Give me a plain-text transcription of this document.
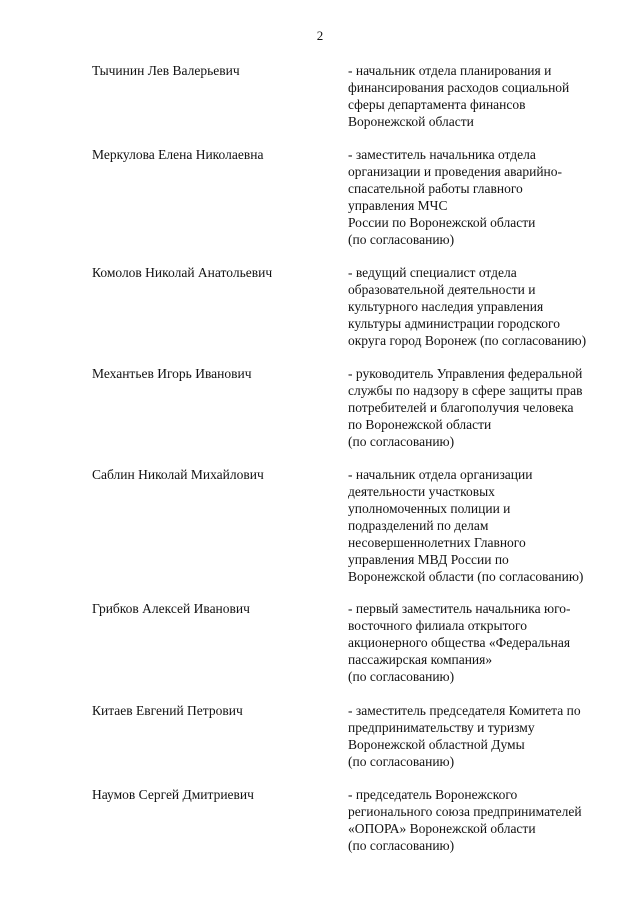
2
Тычинин Лев Валерьевич	- начальник отдела планирования и
финансирования расходов социальной
сферы департамента финансов
Воронежской области
Меркулова Елена Николаевна	- заместитель начальника отдела
организации и проведения аварийно-
спасательной работы главного
управления МЧС
России по Воронежской области
(по согласованию)
Комолов Николай Анатольевич	- ведущий специалист отдела
образовательной деятельности и
культурного наследия управления
культуры администрации городского
округа город Воронеж (по согласованию)
Механтьев Игорь Иванович	- руководитель Управления федеральной
службы по надзору в сфере защиты прав
потребителей и благополучия человека
по Воронежской области
(по согласованию)
Саблин Николай Михайлович	- начальник отдела организации
деятельности участковых
уполномоченных полиции и
подразделений по делам
несовершеннолетних Главного
управления МВД России по
Воронежской области (по согласованию)
Грибков Алексей Иванович	- первый заместитель начальника юго-
восточного филиала открытого
акционерного общества «Федеральная
пассажирская компания»
(по согласованию)
Китаев Евгений Петрович	- заместитель председателя Комитета по
предпринимательству и туризму
Воронежской областной Думы
(по согласованию)
Наумов Сергей Дмитриевич	- председатель Воронежского
регионального союза предпринимателей
«ОПОРА» Воронежской области
(по согласованию)
